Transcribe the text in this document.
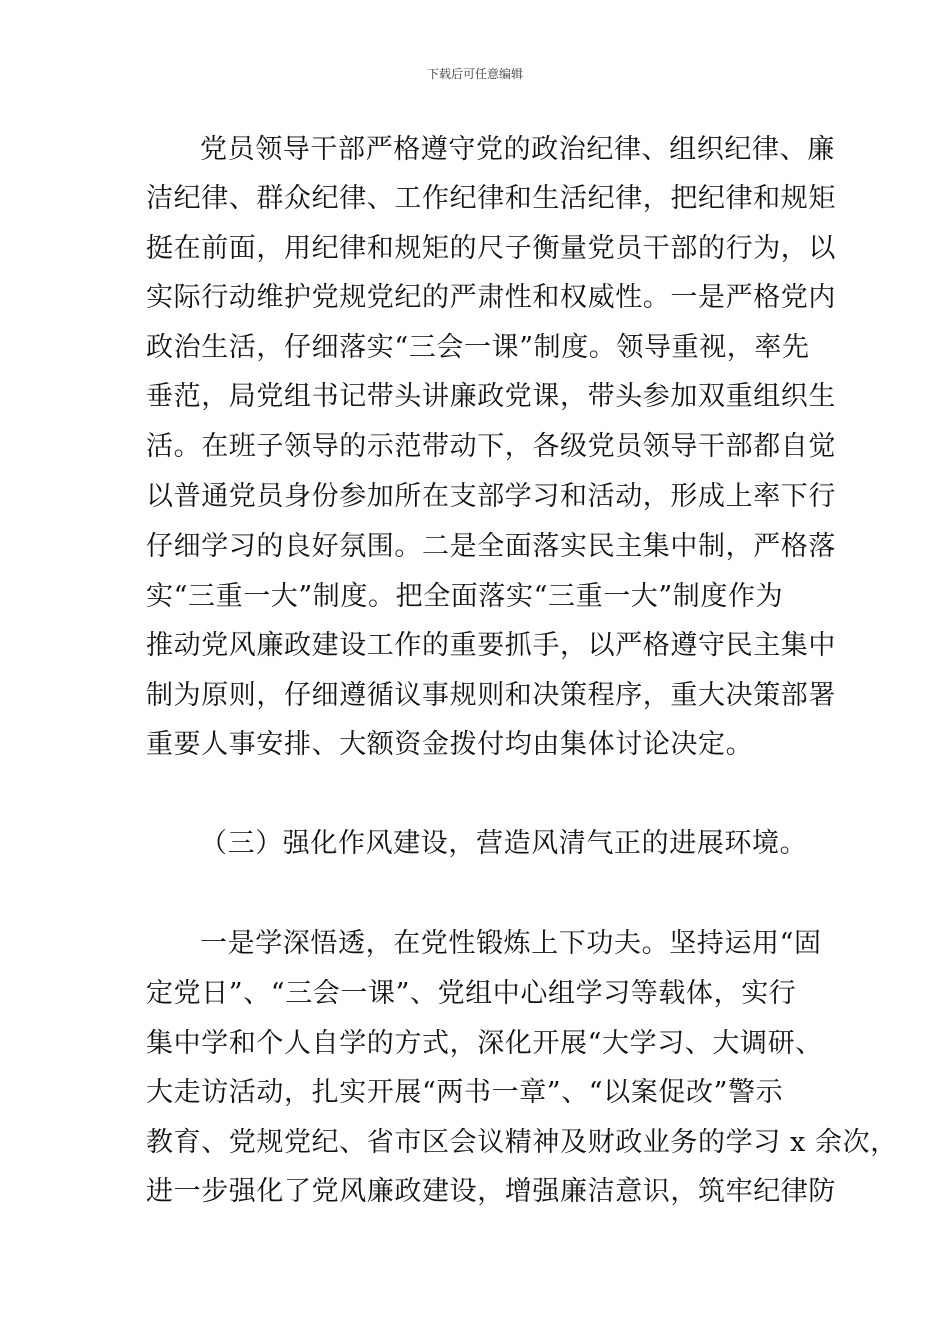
下载后可任意编辑
党员领导干部严格遵守党的政治纪律、组织纪律、廉
洁纪律、群众纪律、工作纪律和生活纪律，把纪律和规矩
挺在前面，用纪律和规矩的尺子衡量党员干部的行为，以
实际行动维护党规党纪的严肃性和权威性。一是严格党内
政治生活，仔细落实“三会一课”制度。领导重视，率先
垂范，局党组书记带头讲廉政党课，带头参加双重组织生
活。在班子领导的示范带动下，各级党员领导干部都自觉
以普通党员身份参加所在支部学习和活动，形成上率下行
仔细学习的良好氛围。二是全面落实民主集中制，严格落
实“三重一大”制度。把全面落实“三重一大”制度作为
推动党风廉政建设工作的重要抓手，以严格遵守民主集中
制为原则，仔细遵循议事规则和决策程序，重大决策部署
重要人事安排、大额资金拨付均由集体讨论决定。
（三）强化作风建设，营造风清气正的进展环境。
一是学深悟透，在党性锻炼上下功夫。坚持运用“固
定党日”、“三会一课”、党组中心组学习等载体，实行
集中学和个人自学的方式，深化开展“大学习、大调研、
大走访活动，扎实开展“两书一章”、“以案促改”警示
教育、党规党纪、省市区会议精神及财政业务的学习 x 余次，
进一步强化了党风廉政建设，增强廉洁意识，筑牢纪律防
